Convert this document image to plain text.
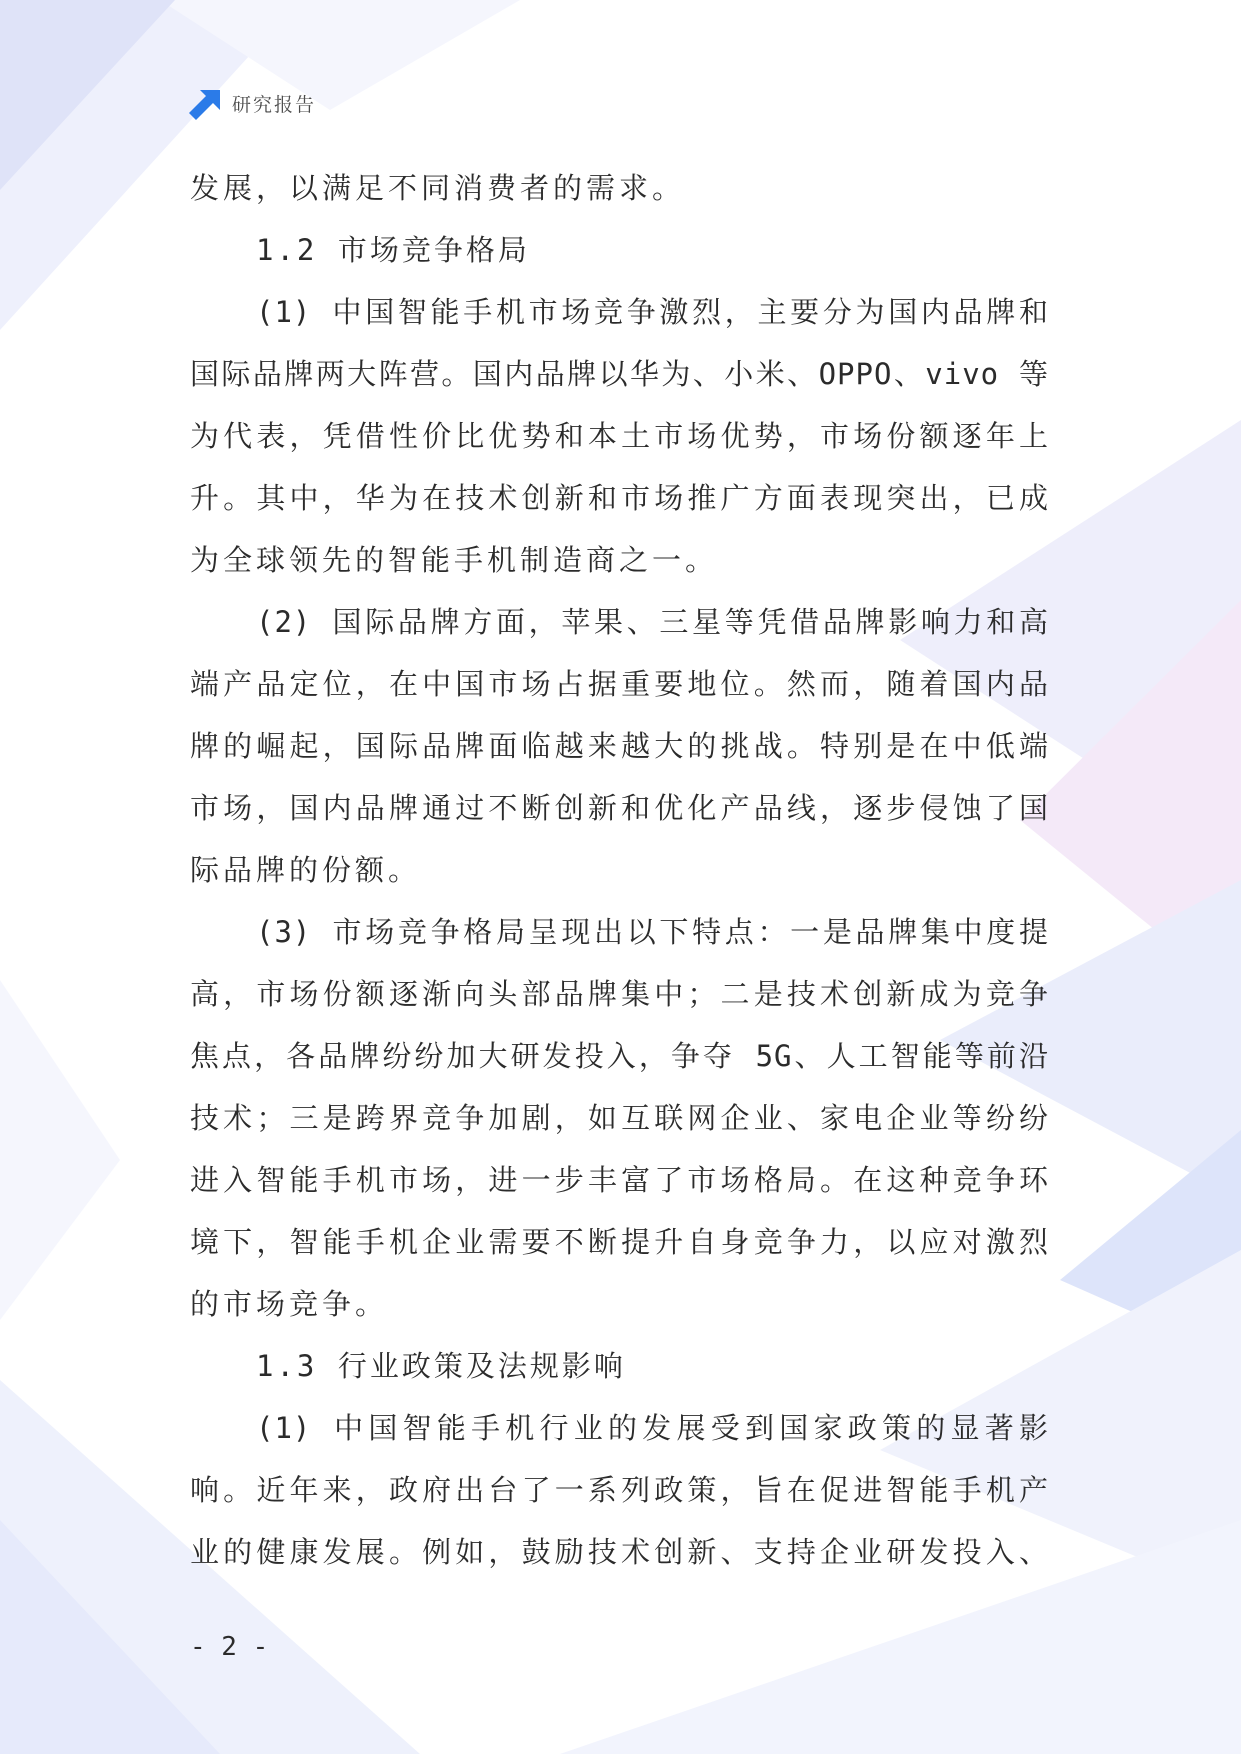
研究报告
发展，以满足不同消费者的需求。
1.2 市场竞争格局
(1) 中国智能手机市场竞争激烈，主要分为国内品牌和
国际品牌两大阵营。国内品牌以华为、小米、OPPO、vivo 等
为代表，凭借性价比优势和本土市场优势，市场份额逐年上
升。其中，华为在技术创新和市场推广方面表现突出，已成
为全球领先的智能手机制造商之一。
(2) 国际品牌方面，苹果、三星等凭借品牌影响力和高
端产品定位，在中国市场占据重要地位。然而，随着国内品
牌的崛起，国际品牌面临越来越大的挑战。特别是在中低端
市场，国内品牌通过不断创新和优化产品线，逐步侵蚀了国
际品牌的份额。
(3) 市场竞争格局呈现出以下特点：一是品牌集中度提
高，市场份额逐渐向头部品牌集中；二是技术创新成为竞争
焦点，各品牌纷纷加大研发投入，争夺 5G、人工智能等前沿
技术；三是跨界竞争加剧，如互联网企业、家电企业等纷纷
进入智能手机市场，进一步丰富了市场格局。在这种竞争环
境下，智能手机企业需要不断提升自身竞争力，以应对激烈
的市场竞争。
1.3 行业政策及法规影响
(1) 中国智能手机行业的发展受到国家政策的显著影
响。近年来，政府出台了一系列政策，旨在促进智能手机产
业的健康发展。例如，鼓励技术创新、支持企业研发投入、
- 2 -
